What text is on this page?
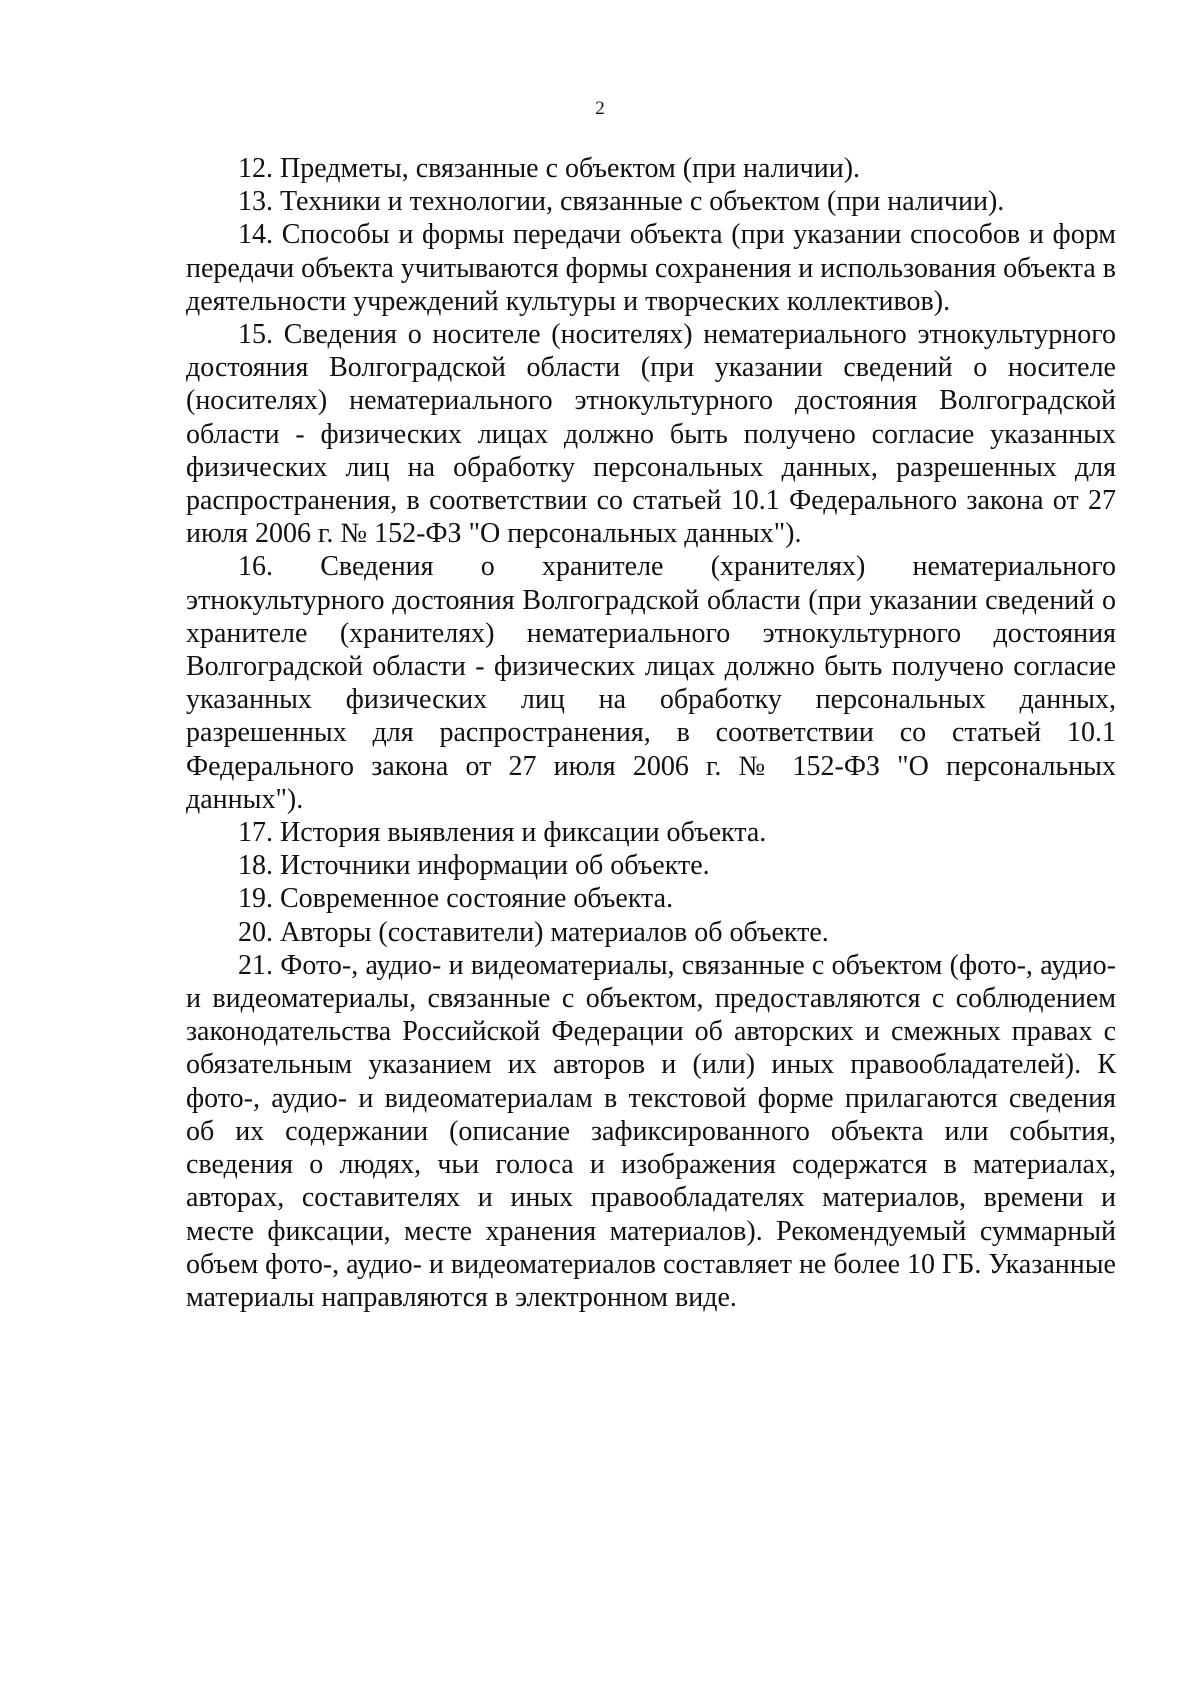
2

12. Предметы, связанные с объектом (при наличии).

13. Техники и технологии, связанные с объектом (при наличии).

14. Способы и формы передачи объекта (при указании способов и форм передачи объекта учитываются формы сохранения и использования объекта в деятельности учреждений культуры и творческих коллективов).

15. Сведения о носителе (носителях) нематериального этнокультурного достояния Волгоградской области (при указании сведений о носителе (носителях) нематериального этнокультурного достояния Волгоградской области - физических лицах должно быть получено согласие указанных физических лиц на обработку персональных данных, разрешенных для распространения, в соответствии со статьей 10.1 Федерального закона от 27 июля 2006 г. № 152-ФЗ "О персональных данных").

16. Сведения о хранителе (хранителях) нематериального этнокультурного достояния Волгоградской области (при указании сведений о хранителе (хранителях) нематериального этнокультурного достояния Волгоградской области - физических лицах должно быть получено согласие указанных физических лиц на обработку персональных данных, разрешенных для распространения, в соответствии со статьей 10.1 Федерального закона от 27 июля 2006 г. № 152-ФЗ "О персональных данных").

17. История выявления и фиксации объекта.

18. Источники информации об объекте.

19. Современное состояние объекта.

20. Авторы (составители) материалов об объекте.

21. Фото-, аудио- и видеоматериалы, связанные с объектом (фото-, аудио- и видеоматериалы, связанные с объектом, предоставляются с соблюдением законодательства Российской Федерации об авторских и смежных правах с обязательным указанием их авторов и (или) иных правообладателей). К фото-, аудио- и видеоматериалам в текстовой форме прилагаются сведения об их содержании (описание зафиксированного объекта или события, сведения о людях, чьи голоса и изображения содержатся в материалах, авторах, составителях и иных правообладателях материалов, времени и месте фиксации, месте хранения материалов). Рекомендуемый суммарный объем фото-, аудио- и видеоматериалов составляет не более 10 ГБ. Указанные материалы направляются в электронном виде.
